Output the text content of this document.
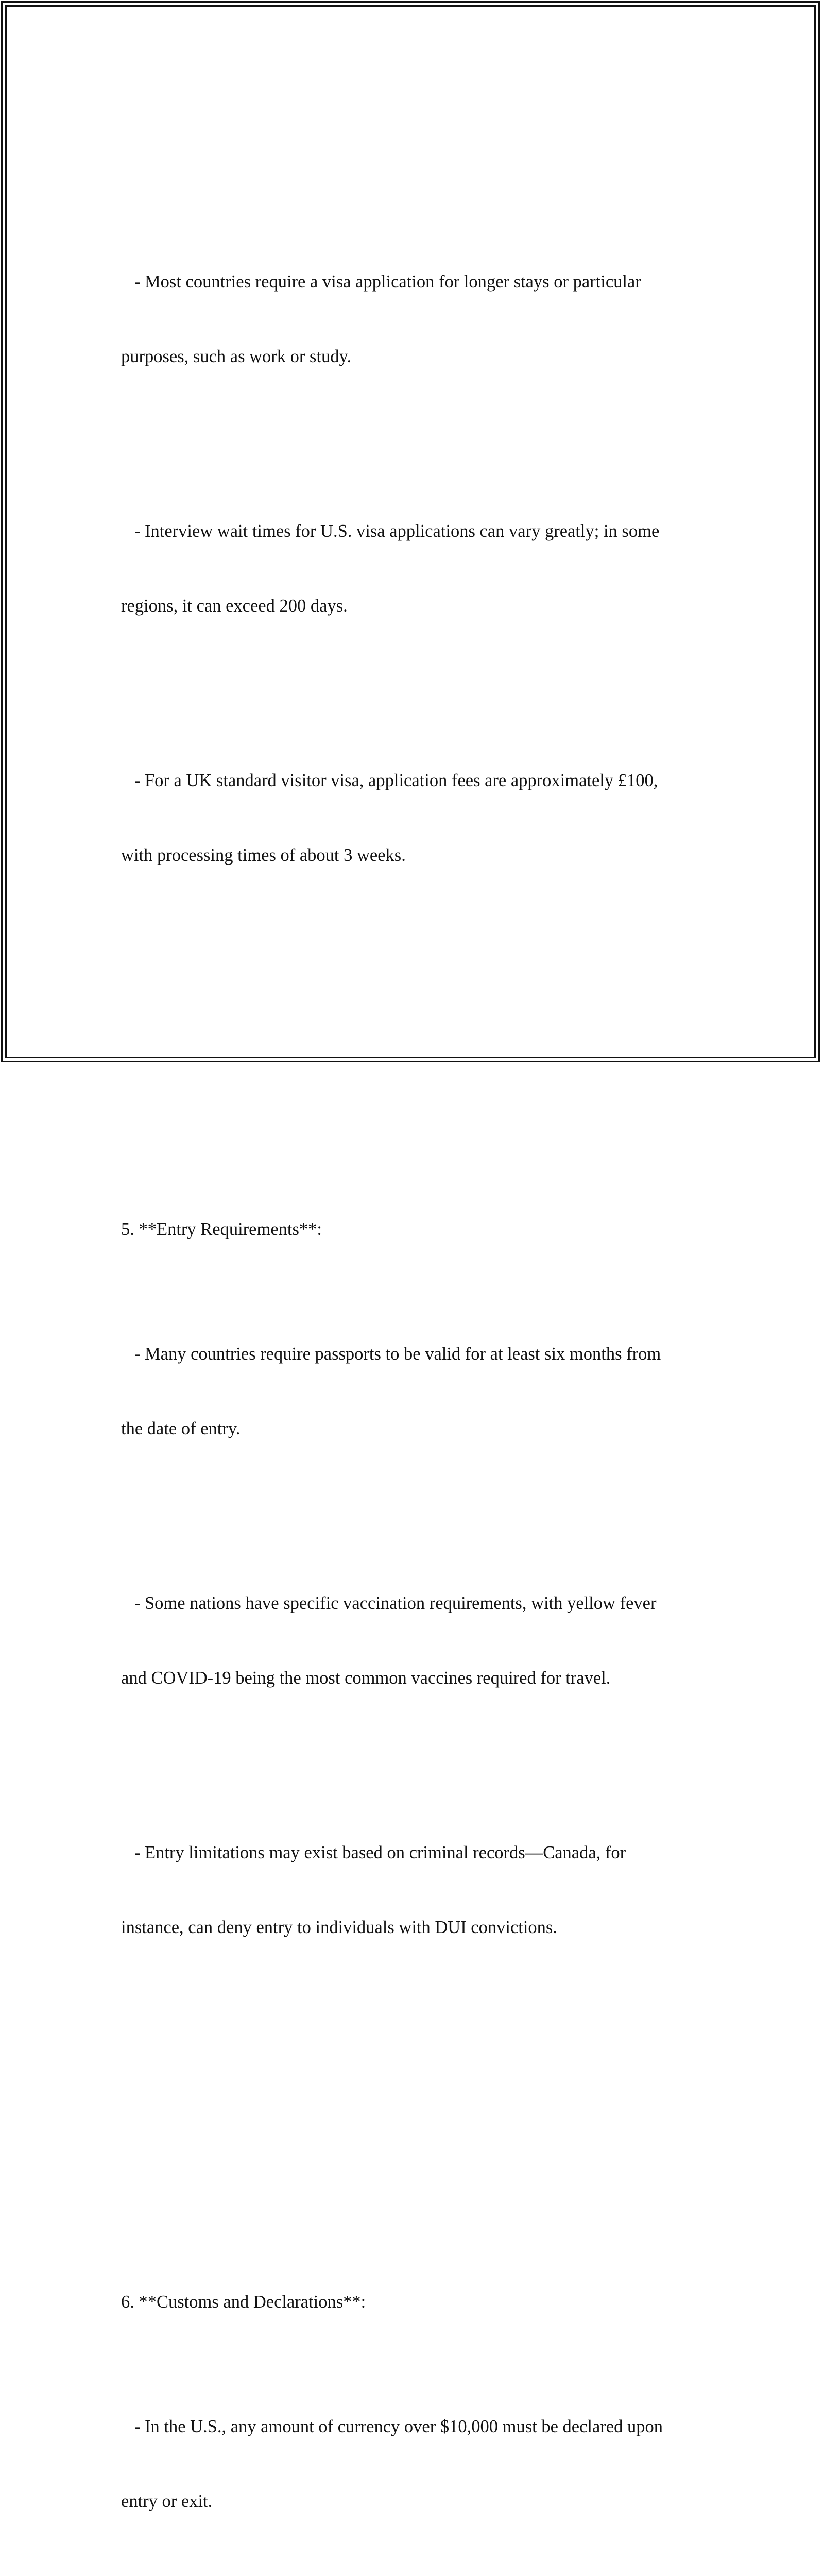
- Most countries require a visa application for longer stays or particular

purposes, such as work or study.

- Interview wait times for U.S. visa applications can vary greatly; in some

regions, it can exceed 200 days.

- For a UK standard visitor visa, application fees are approximately £100,

with processing times of about 3 weeks.

5. **Entry Requirements**:

- Many countries require passports to be valid for at least six months from

the date of entry.

- Some nations have specific vaccination requirements, with yellow fever

and COVID-19 being the most common vaccines required for travel.

- Entry limitations may exist based on criminal records—Canada, for

instance, can deny entry to individuals with DUI convictions.

6. **Customs and Declarations**:

- In the U.S., any amount of currency over $10,000 must be declared upon

entry or exit.
